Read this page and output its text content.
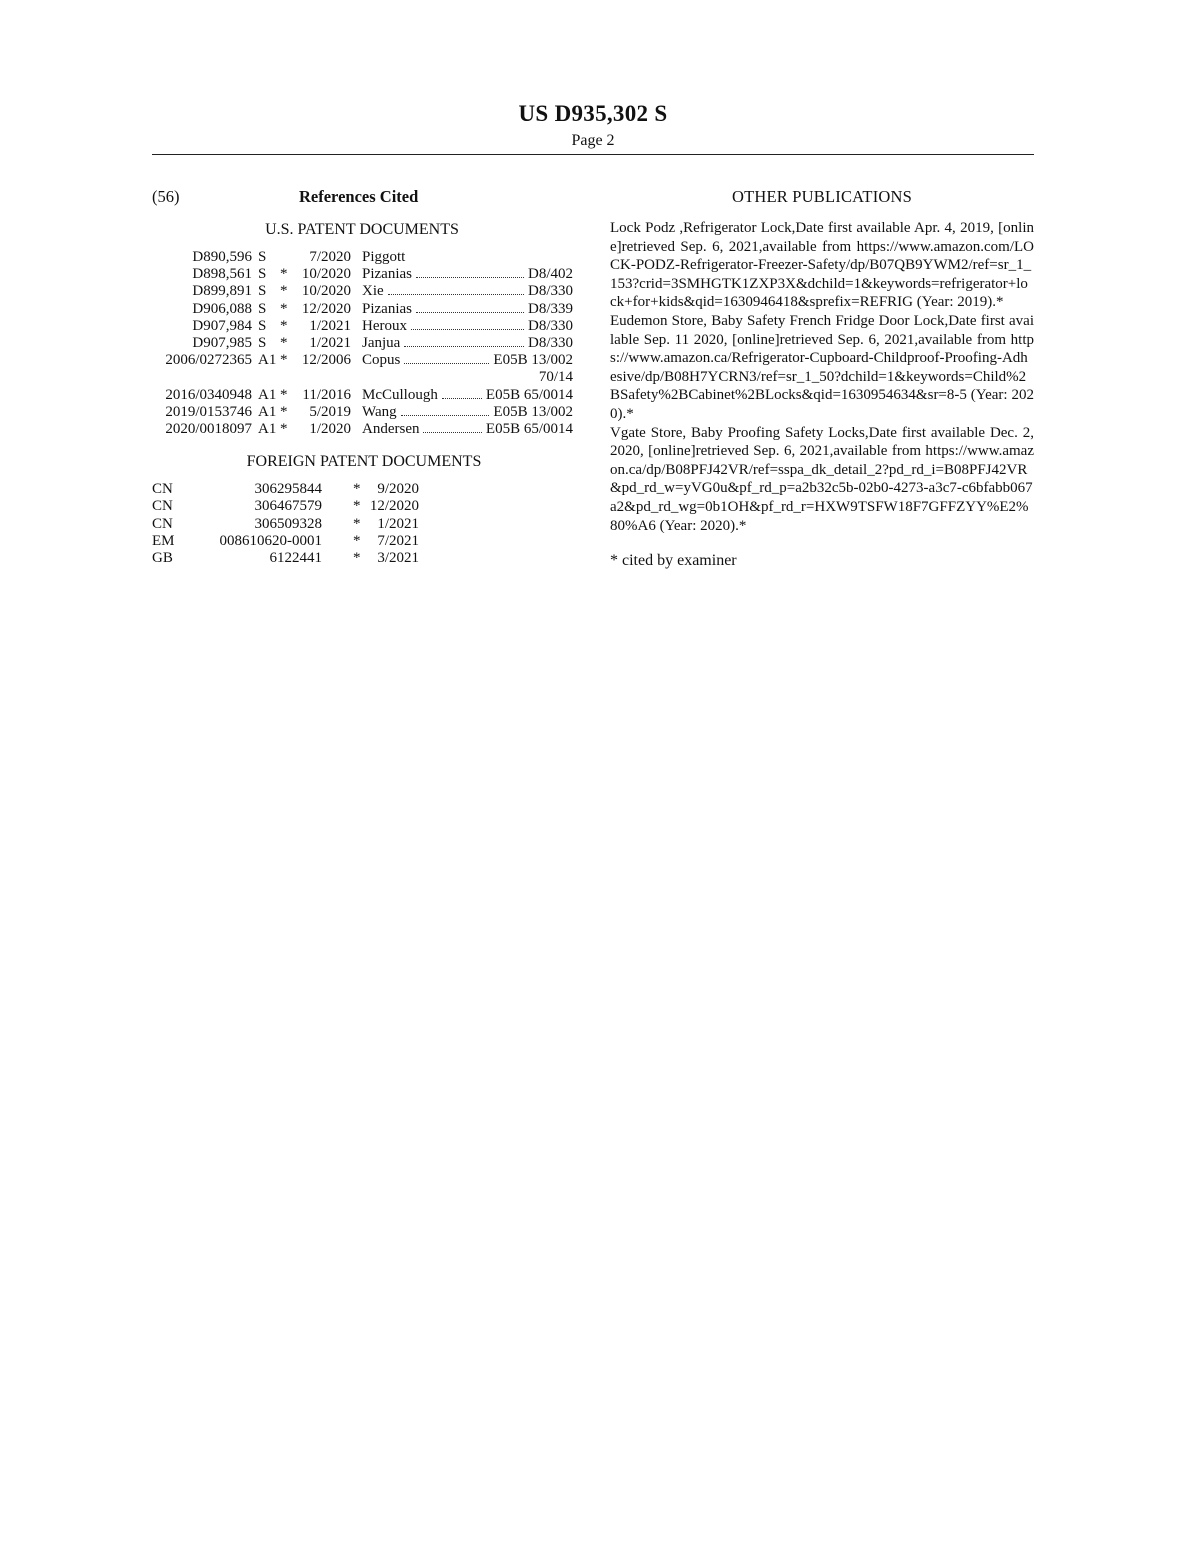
US D935,302 S
Page 2
(56)	References Cited
U.S. PATENT DOCUMENTS
D890,596	S		7/2020	Piggott

D898,561	S	*	10/2020	Pizanias D8/402

D899,891	S	*	10/2020	Xie D8/330

D906,088	S	*	12/2020	Pizanias D8/339

D907,984	S	*	1/2021	Heroux D8/330

D907,985	S	*	1/2021	Janjua D8/330

2006/0272365	A1	*	12/2006	Copus E05B 13/002

				70/14
2016/0340948	A1	*	11/2016	McCullough E05B 65/0014

2019/0153746	A1	*	5/2019	Wang E05B 13/002

2020/0018097	A1	*	1/2020	Andersen E05B 65/0014
FOREIGN PATENT DOCUMENTS
CN	306295844	*	9/2020
CN	306467579	*	12/2020
CN	306509328	*	1/2021
EM	008610620-0001	*	7/2021
GB	6122441	*	3/2021
OTHER PUBLICATIONS

Lock Podz ,Refrigerator Lock,Date first available Apr. 4, 2019, [online]retrieved Sep. 6, 2021,available from https://www.amazon.com/LOCK-PODZ-Refrigerator-Freezer-Safety/dp/B07QB9YWM2/ref=sr_1_153?crid=3SMHGTK1ZXP3X&dchild=1&keywords=refrigerator+lock+for+kids&qid=1630946418&sprefix=REFRIG (Year: 2019).*

Eudemon Store, Baby Safety French Fridge Door Lock,Date first available Sep. 11 2020, [online]retrieved Sep. 6, 2021,available from https://www.amazon.ca/Refrigerator-Cupboard-Childproof-Proofing-Adhesive/dp/B08H7YCRN3/ref=sr_1_50?dchild=1&keywords=Child%2BSafety%2BCabinet%2BLocks&qid=1630954634&sr=8-5 (Year: 2020).*

Vgate Store, Baby Proofing Safety Locks,Date first available Dec. 2, 2020, [online]retrieved Sep. 6, 2021,available from https://www.amazon.ca/dp/B08PFJ42VR/ref=sspa_dk_detail_2?pd_rd_i=B08PFJ42VR&pd_rd_w=yVG0u&pf_rd_p=a2b32c5b-02b0-4273-a3c7-c6bfabb067a2&pd_rd_wg=0b1OH&pf_rd_r=HXW9TSFW18F7GFFZYY%E2%80%A6 (Year: 2020).*

* cited by examiner
